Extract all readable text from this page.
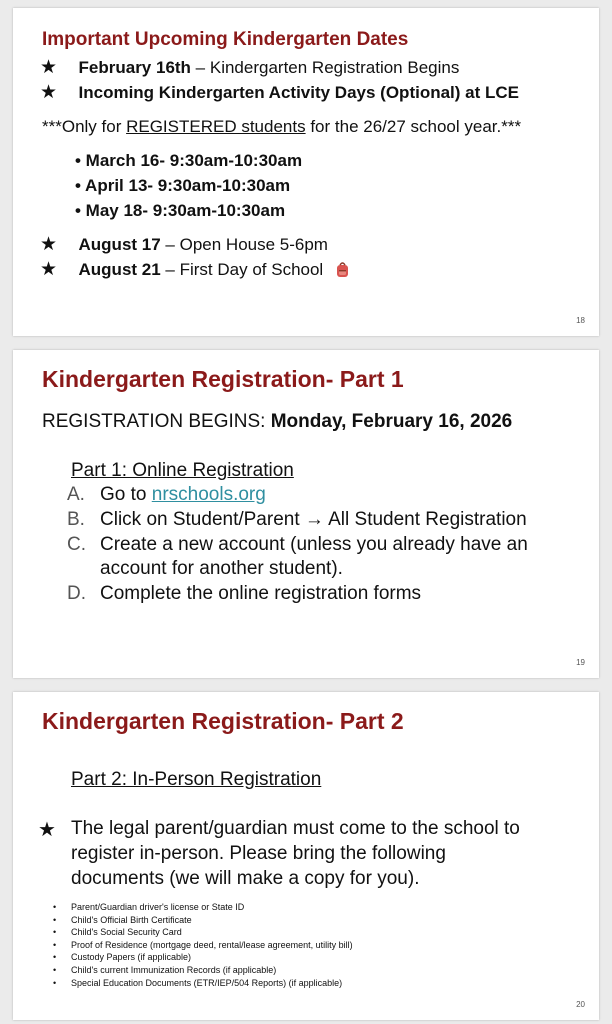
Important Upcoming Kindergarten Dates
★ February 16th – Kindergarten Registration Begins
★ Incoming Kindergarten Activity Days (Optional) at LCE
***Only for REGISTERED students for the 26/27 school year.***
• March 16- 9:30am-10:30am
• April 13- 9:30am-10:30am
• May 18- 9:30am-10:30am
★ August 17 – Open House 5-6pm
★ August 21 – First Day of School
18
Kindergarten Registration- Part 1
REGISTRATION BEGINS: Monday, February 16, 2026
Part 1: Online Registration
A. Go to nrschools.org
B. Click on Student/Parent → All Student Registration
C. Create a new account (unless you already have an
account for another student).
D. Complete the online registration forms
19
Kindergarten Registration- Part 2
Part 2: In-Person Registration
★ The legal parent/guardian must come to the school to
register in-person. Please bring the following
documents (we will make a copy for you).
• Parent/Guardian driver's license or State ID
• Child's Official Birth Certificate
• Child's Social Security Card
• Proof of Residence (mortgage deed, rental/lease agreement, utility bill)
• Custody Papers (if applicable)
• Child's current Immunization Records (if applicable)
• Special Education Documents (ETR/IEP/504 Reports) (if applicable)
20
